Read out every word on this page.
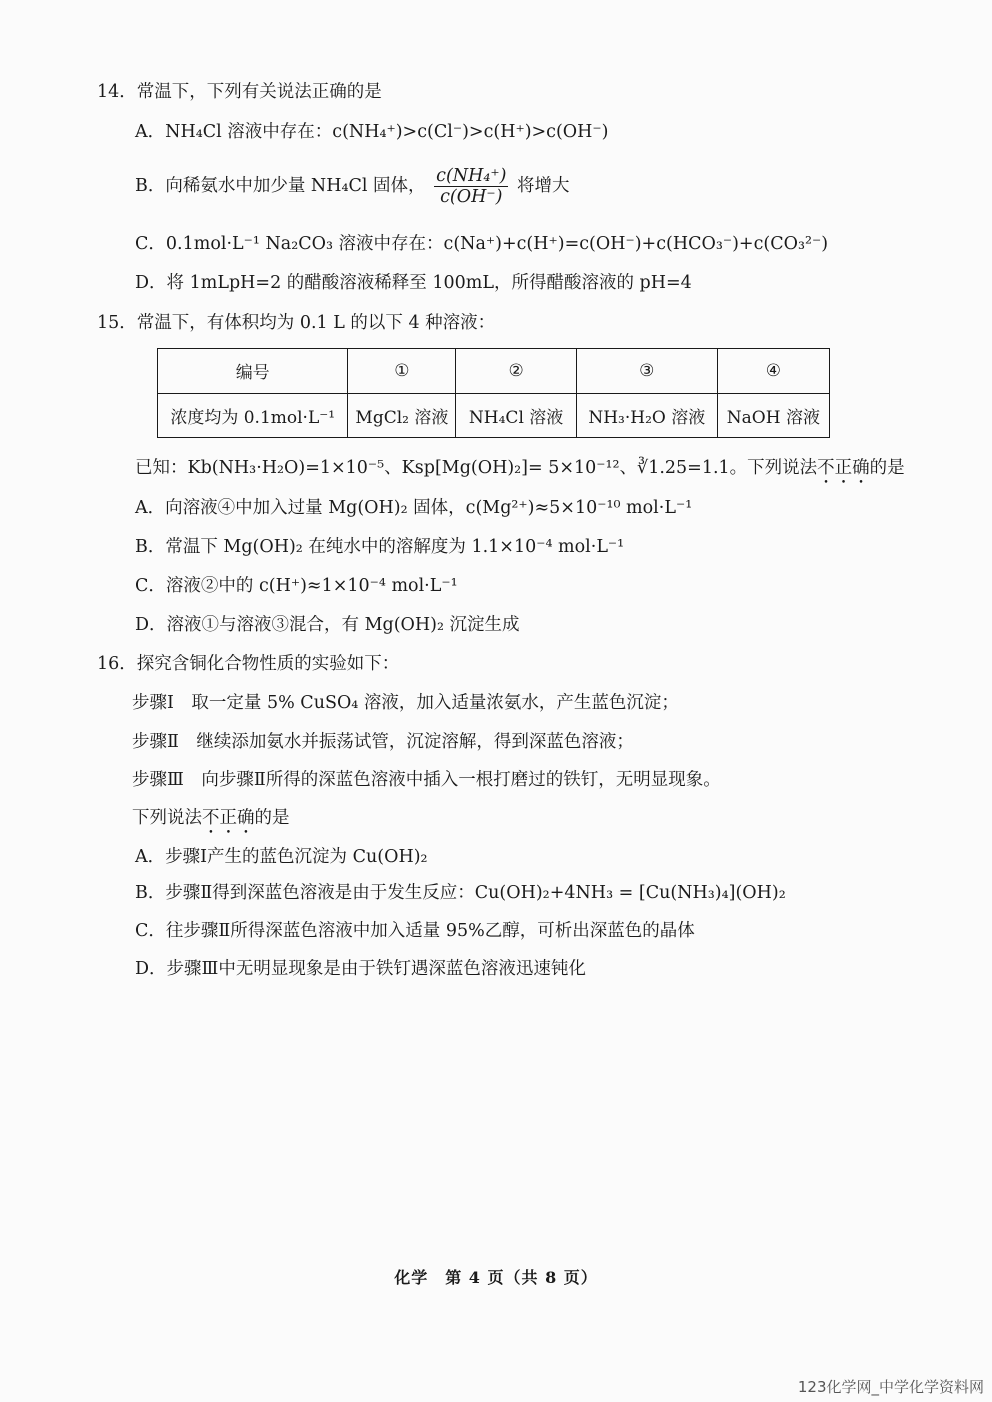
14．常温下，下列有关说法正确的是
A．NH₄Cl 溶液中存在：c(NH₄⁺)>c(Cl⁻)>c(H⁺)>c(OH⁻)
B．向稀氨水中加少量 NH₄Cl 固体， $\frac{\text{c(NH₄⁺)}}{c(OH^-)}$ 将增大
C．0.1mol·L⁻¹ Na₂CO₃ 溶液中存在：c(Na⁺)+c(H⁺)=c(OH⁻)+c(HCO₃⁻)+c(CO₃²⁻)
D．将 1mLpH=2 的醋酸溶液稀释至 100mL，所得醋酸溶液的 pH=4
15．常温下，有体积均为 0.1 L 的以下 4 种溶液：
编号	①	②	③	④
浓度均为 0.1mol·L⁻¹	MgCl₂ 溶液	NH₄Cl 溶液	NH₃·H₂O 溶液	NaOH 溶液
已知：Kb(NH₃·H₂O)=1×10⁻⁵、Ksp[Mg(OH)₂]= 5×10⁻¹²、∛1.25=1.1。下列说法不正确的是
A．向溶液④中加入过量 Mg(OH)₂ 固体，c(Mg²⁺)≈5×10⁻¹⁰ mol·L⁻¹
B．常温下 Mg(OH)₂ 在纯水中的溶解度为 1.1×10⁻⁴ mol·L⁻¹
C．溶液②中的 c(H⁺)≈1×10⁻⁴ mol·L⁻¹
D．溶液①与溶液③混合，有 Mg(OH)₂ 沉淀生成
16．探究含铜化合物性质的实验如下：
步骤Ⅰ　取一定量 5% CuSO₄ 溶液，加入适量浓氨水，产生蓝色沉淀；
步骤Ⅱ　继续添加氨水并振荡试管，沉淀溶解，得到深蓝色溶液；
步骤Ⅲ　向步骤Ⅱ所得的深蓝色溶液中插入一根打磨过的铁钉，无明显现象。
下列说法不正确的是
A．步骤Ⅰ产生的蓝色沉淀为 Cu(OH)₂
B．步骤Ⅱ得到深蓝色溶液是由于发生反应：Cu(OH)₂+4NH₃ = [Cu(NH₃)₄](OH)₂
C．往步骤Ⅱ所得深蓝色溶液中加入适量 95%乙醇，可析出深蓝色的晶体
D．步骤Ⅲ中无明显现象是由于铁钉遇深蓝色溶液迅速钝化
化学　第 4 页（共 8 页）
123化学网_中学化学资料网
